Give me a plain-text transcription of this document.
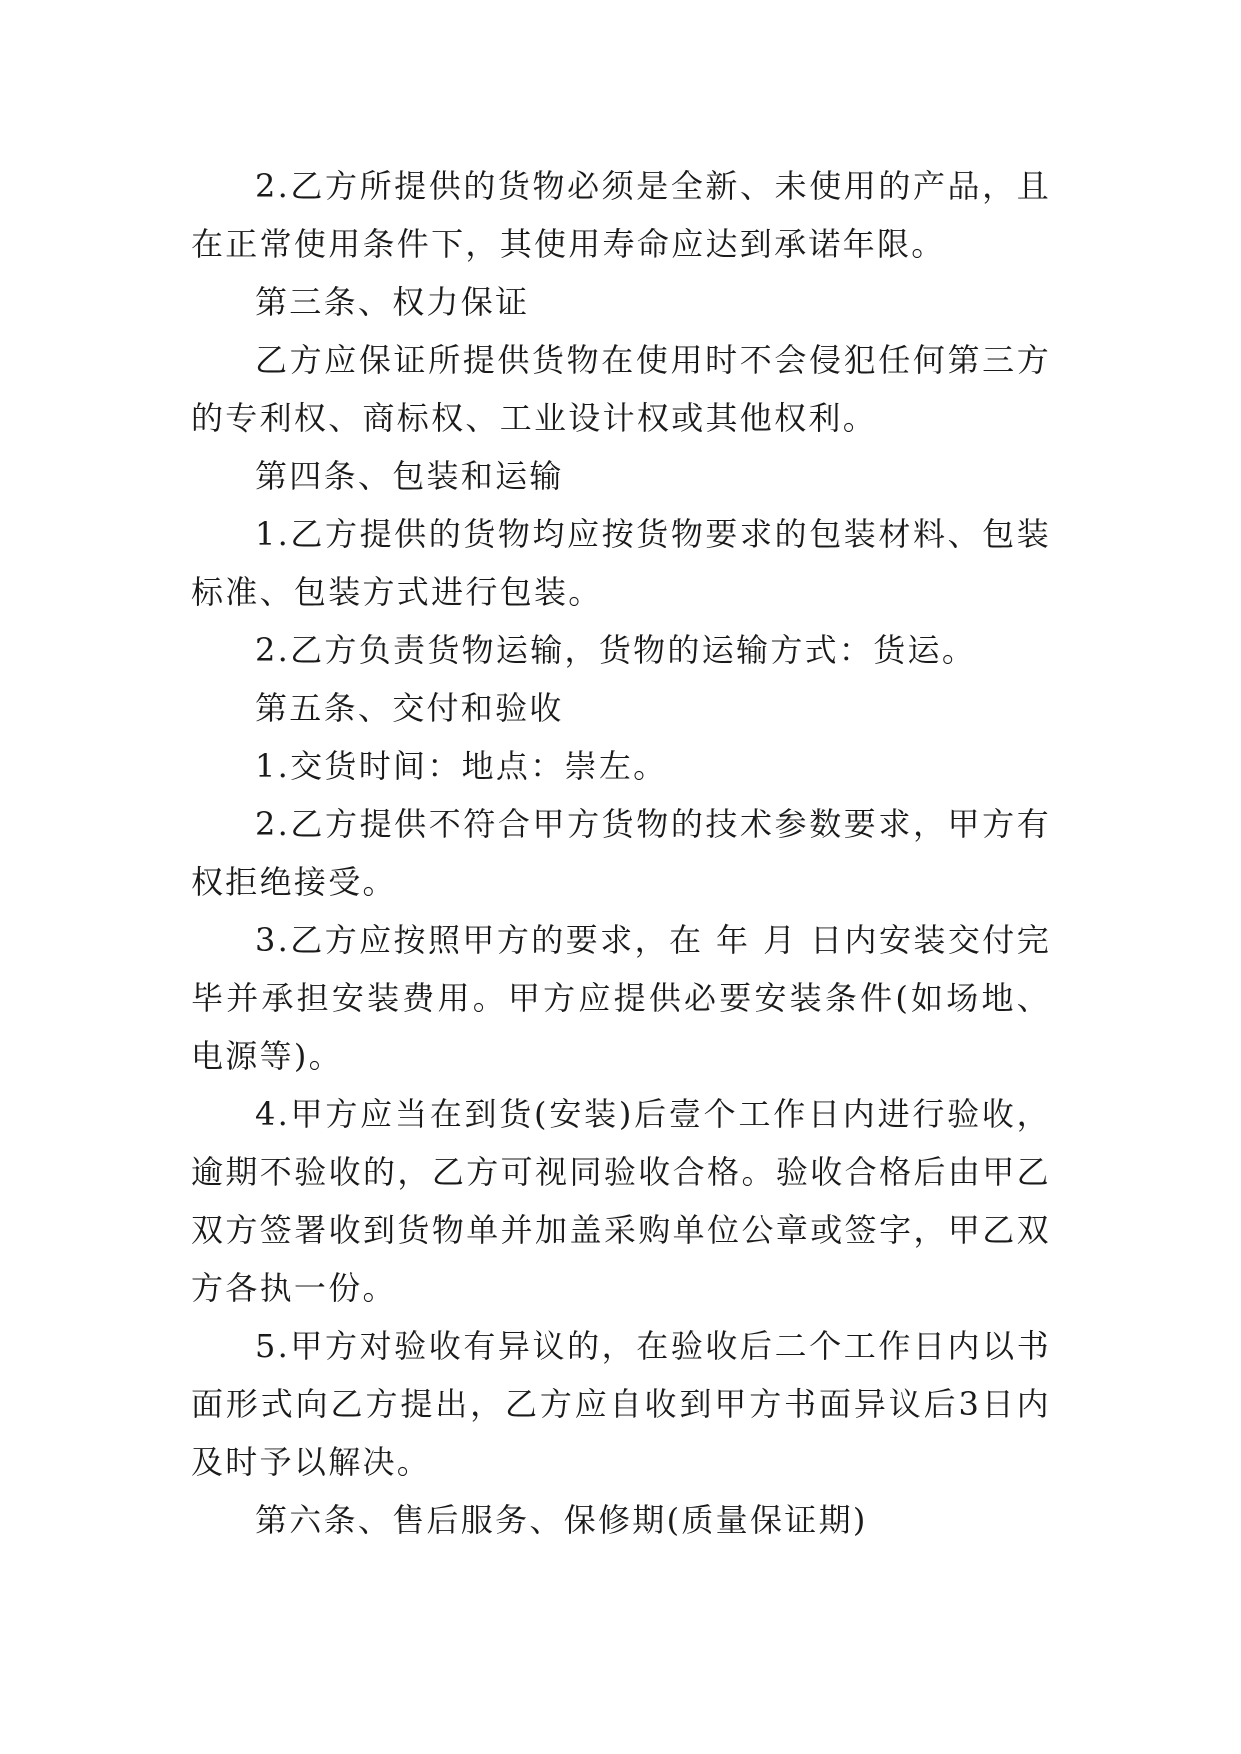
2.乙方所提供的货物必须是全新、未使用的产品，且在正常使用条件下，其使用寿命应达到承诺年限。

第三条、权力保证

乙方应保证所提供货物在使用时不会侵犯任何第三方的专利权、商标权、工业设计权或其他权利。

第四条、包装和运输

1.乙方提供的货物均应按货物要求的包装材料、包装标准、包装方式进行包装。

2.乙方负责货物运输，货物的运输方式：货运。

第五条、交付和验收

1.交货时间：地点：崇左。

2.乙方提供不符合甲方货物的技术参数要求，甲方有权拒绝接受。

3.乙方应按照甲方的要求，在 年 月 日内安装交付完毕并承担安装费用。甲方应提供必要安装条件(如场地、电源等)。

4.甲方应当在到货(安装)后壹个工作日内进行验收，逾期不验收的，乙方可视同验收合格。验收合格后由甲乙双方签署收到货物单并加盖采购单位公章或签字，甲乙双方各执一份。

5.甲方对验收有异议的，在验收后二个工作日内以书面形式向乙方提出，乙方应自收到甲方书面异议后3日内及时予以解决。

第六条、售后服务、保修期(质量保证期)
